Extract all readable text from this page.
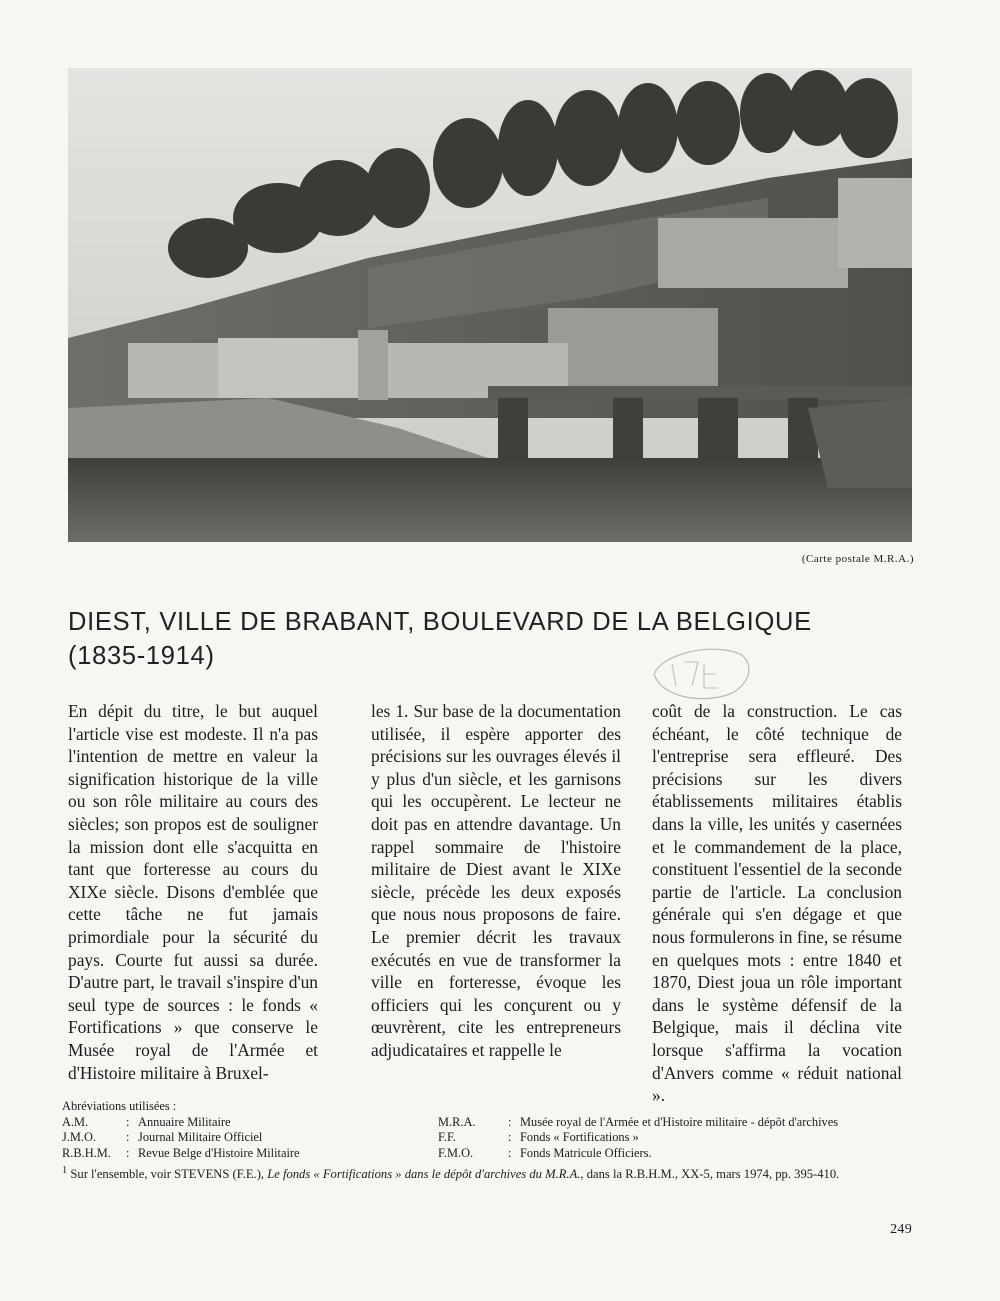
(Carte postale M.R.A.)
DIEST, VILLE DE BRABANT, BOULEVARD DE LA BELGIQUE
(1835-1914)

En dépit du titre, le but auquel l'article vise est modeste. Il n'a pas l'intention de mettre en valeur la signification historique de la ville ou son rôle militaire au cours des siècles; son propos est de souligner la mission dont elle s'acquitta en tant que forteresse au cours du XIXe siècle. Disons d'emblée que cette tâche ne fut jamais primordiale pour la sécurité du pays. Courte fut aussi sa durée. D'autre part, le travail s'inspire d'un seul type de sources : le fonds « Fortifications » que conserve le Musée royal de l'Armée et d'Histoire militaire à Bruxel-

les 1. Sur base de la documentation utilisée, il espère apporter des précisions sur les ouvrages élevés il y plus d'un siècle, et les garnisons qui les occupèrent. Le lecteur ne doit pas en attendre davantage. Un rappel sommaire de l'histoire militaire de Diest avant le XIXe siècle, précède les deux exposés que nous nous proposons de faire. Le premier décrit les travaux exécutés en vue de transformer la ville en forteresse, évoque les officiers qui les conçurent ou y œuvrèrent, cite les entrepreneurs adjudicataires et rappelle le

coût de la construction. Le cas échéant, le côté technique de l'entreprise sera effleuré. Des précisions sur les divers établissements militaires établis dans la ville, les unités y casernées et le commandement de la place, constituent l'essentiel de la seconde partie de l'article. La conclusion générale qui s'en dégage et que nous formulerons in fine, se résume en quelques mots : entre 1840 et 1870, Diest joua un rôle important dans le système défensif de la Belgique, mais il déclina vite lorsque s'affirma la vocation d'Anvers comme « réduit national ».

Abréviations utilisées :
A.M.	: Annuaire Militaire	M.R.A.	: Musée royal de l'Armée et d'Histoire militaire - dépôt d'archives
J.M.O.	: Journal Militaire Officiel	F.F.	: Fonds « Fortifications »
R.B.H.M.	: Revue Belge d'Histoire Militaire	F.M.O.	: Fonds Matricule Officiers.
$^1$ Sur l'ensemble, voir STEVENS (F.E.), Le fonds « Fortifications » dans le dépôt d'archives du M.R.A., dans la R.B.H.M., XX-5, mars 1974, pp. 395-410.
249
